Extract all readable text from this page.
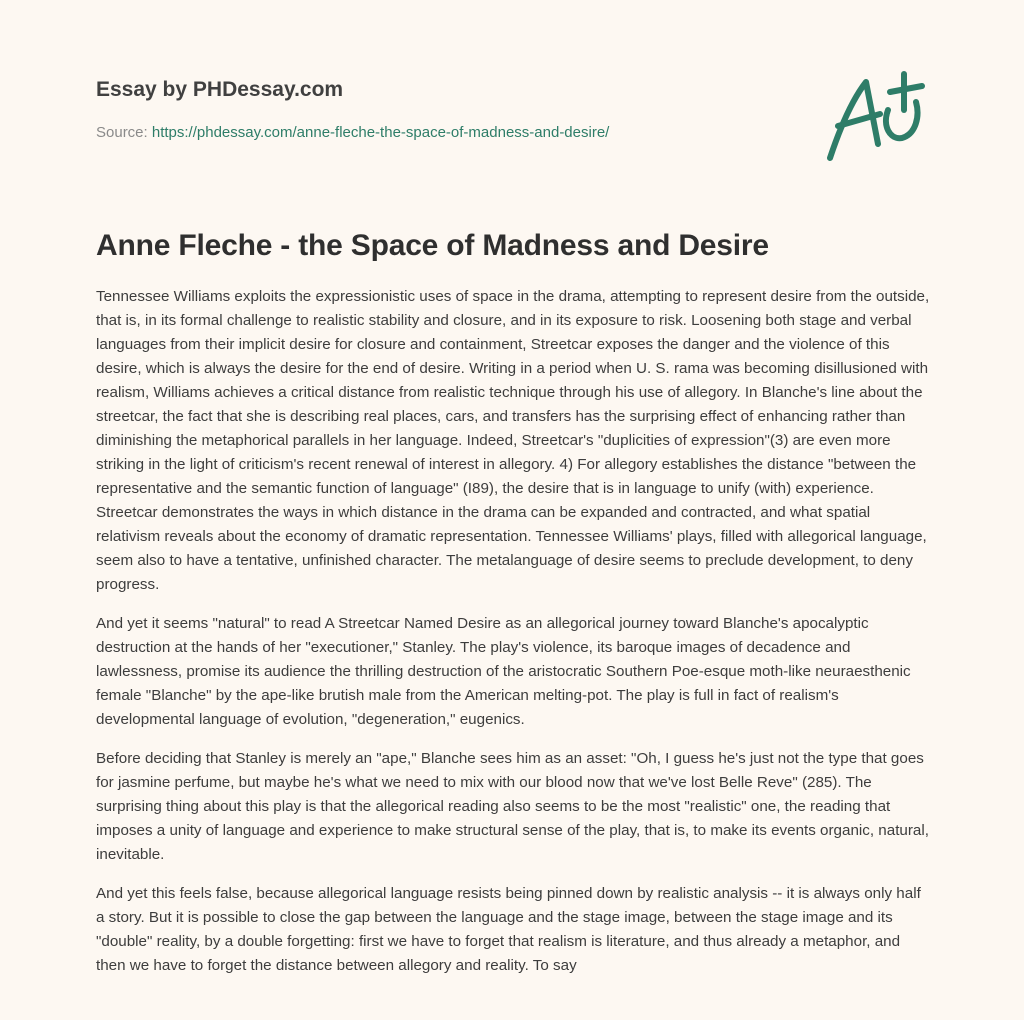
Essay by PHDessay.com
Source: https://phdessay.com/anne-fleche-the-space-of-madness-and-desire/
Anne Fleche - the Space of Madness and Desire

Tennessee Williams exploits the expressionistic uses of space in the drama, attempting to represent desire from the outside, that is, in its formal challenge to realistic stability and closure, and in its exposure to risk. Loosening both stage and verbal languages from their implicit desire for closure and containment, Streetcar exposes the danger and the violence of this desire, which is always the desire for the end of desire. Writing in a period when U. S. rama was becoming disillusioned with realism, Williams achieves a critical distance from realistic technique through his use of allegory. In Blanche's line about the streetcar, the fact that she is describing real places, cars, and transfers has the surprising effect of enhancing rather than diminishing the metaphorical parallels in her language. Indeed, Streetcar's "duplicities of expression"(3) are even more striking in the light of criticism's recent renewal of interest in allegory. 4) For allegory establishes the distance "between the representative and the semantic function of language" (I89), the desire that is in language to unify (with) experience. Streetcar demonstrates the ways in which distance in the drama can be expanded and contracted, and what spatial relativism reveals about the economy of dramatic representation. Tennessee Williams' plays, filled with allegorical language, seem also to have a tentative, unfinished character. The metalanguage of desire seems to preclude development, to deny progress.

And yet it seems "natural" to read A Streetcar Named Desire as an allegorical journey toward Blanche's apocalyptic destruction at the hands of her "executioner," Stanley. The play's violence, its baroque images of decadence and lawlessness, promise its audience the thrilling destruction of the aristocratic Southern Poe-esque moth-like neuraesthenic female "Blanche" by the ape-like brutish male from the American melting-pot. The play is full in fact of realism's developmental language of evolution, "degeneration," eugenics.

Before deciding that Stanley is merely an "ape," Blanche sees him as an asset: "Oh, I guess he's just not the type that goes for jasmine perfume, but maybe he's what we need to mix with our blood now that we've lost Belle Reve" (285). The surprising thing about this play is that the allegorical reading also seems to be the most "realistic" one, the reading that imposes a unity of language and experience to make structural sense of the play, that is, to make its events organic, natural, inevitable.

And yet this feels false, because allegorical language resists being pinned down by realistic analysis -- it is always only half a story. But it is possible to close the gap between the language and the stage image, between the stage image and its "double" reality, by a double forgetting: first we have to forget that realism is literature, and thus already a metaphor, and then we have to forget the distance between allegory and reality. To say
